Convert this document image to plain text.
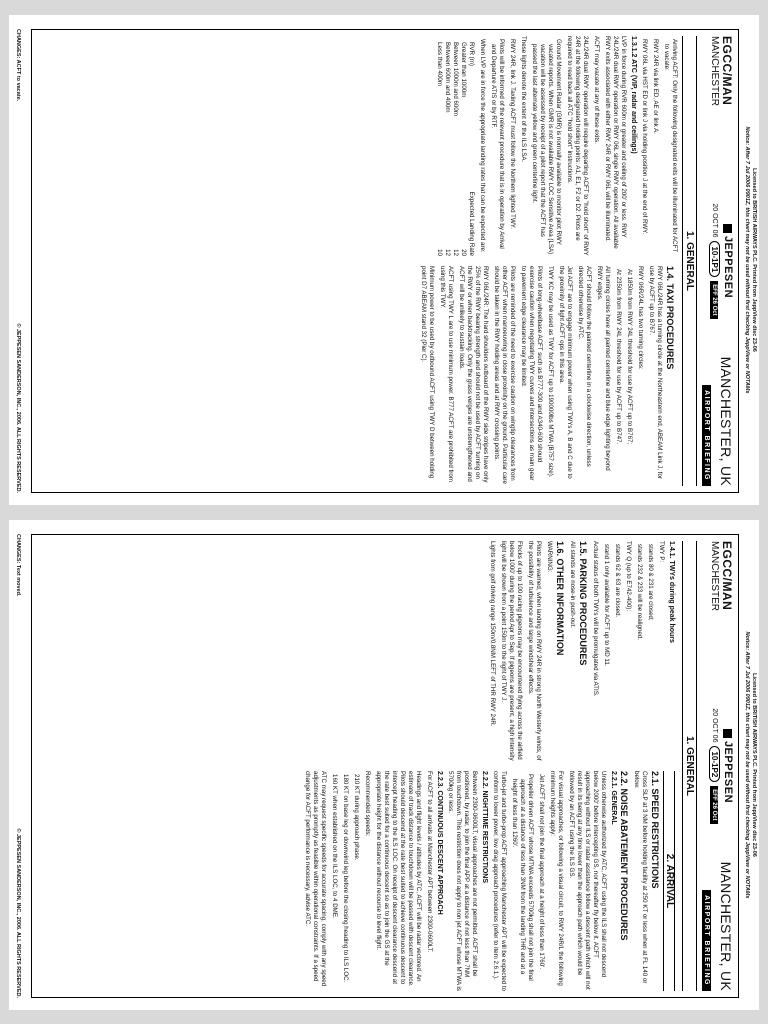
Licensed to BRITISH AIRWAYS PLC. Printed from JeppView disc 23-06
Notice: After 7 Jul 2006 0901Z, this chart may not be used without first checking JeppView or NOTAMs
EGCC/MAN
MANCHESTER
JEPPESEN
20 OCT 06
10-1P1
EFF 26 Oct
MANCHESTER, UK
AIRPORT BRIEFING
1. GENERAL

Arriving ACFT: Only the following designated exits will be illuminated for ACFT to vacate:

RWY 24R via link ED, AE or link A.

RWY 06L via HST ED or link J via holding position J at the end of RWY.

1.3.1.2 ATC (VIP, radar and ceilings)

LVP in force during RVR 600m or greater and ceiling of 200' or less. RWY 24L/24R dual RWY operation or RWY 06L single RWY operation. All available RWY exits associated with either RWY 24R or RWY 06L will be illuminated.

ACFT may vacate at any of these exits.

24L/24R dual RWY operation will require departing ACFT to "hold short" of RWY 24R at the following designated holding points: A1, E1, F2 or D2. Pilots are required to read back all ATC "hold short" instructions.

Ground Movement Radar (GMR) is normally available to monitor pilot RWY vacated reports. When GMR is not available RWY LOC Sensitive Area (LSA) vacation will be assessed by receipt of a pilot report that the ACFT has passed the last alternate yellow and green centerline light.

These lights denote the extent of the ILS LSA.

RWY 24R, link J. Taxiing ACFT must follow the Northern lighted TWY.

Pilots will be informed of the relevant procedure that is in operation by Arrival and Departure ATIS or by RTF.

When LVP are in force the appropriate landing rates that can be expected are:

RVR (m)
Expected Landing Rate
Greater than 1000m
20
Between 1000m and 600m
12
Between 600m and 400m
12
Less than 400m
10
1.4. TAXI PROCEDURES

RWY 06L/24R has a turning circle at the Northeastern end, ABEAM Link J, for use by ACFT up to B767.

RWY 06R/24L has two turning circles:

At 1850m from RWY 24L threshold for use by ACFT up to B767;

At 2350m from RWY 24L threshold for use by ACFT up to B747.

All turning circles have all painted centerline and blue edge lighting beyond RWY edges.

ACFT should follow the painted centerline in a clockwise direction, unless directed otherwise by ATC.

Jet ACFT are to engage minimum power when using TWYs A, B and C due to the proximity of light ACFT ops in this area.

TWY KC may be used as TWY for ACFT up to 190000lbs MTWA (B757 size).

Pilots of long-wheelbase ACFT such as B777-300 and A340-600 should exercise caution when negotiating TWY curves and intersections as main gear to pavement edge clearance may be limited.

Pilots are reminded of the need to exercise caution on wingtip clearances from other ACFT when manoeuvring in close proximity on the ground. Particular care should be taken in the RWY holding areas and at RWY crossing points.

RWY 06L/24R: The hard shoulders outboard of the RWY side stripes have only 25% of the RWY bearing strength and should not be used by ACFT turning on the RWY or when backtracking. Only the grass verges are unstrengthened and ACFT will be unlikely to sustain loads.

ACFT using TWY L are to use minimum power. B777 ACFT are prohibited from using this TWY.

Minimum power to be used by outbound ACFT using TWY D between holding point D7 ABEAM stand 32 (Pier C).

CHANGES: ACFT to vacate.
© JEPPESEN SANDERSON, INC., 2006. ALL RIGHTS RESERVED.
Licensed to BRITISH AIRWAYS PLC. Printed from JeppView disc 23-06
Notice: After 7 Jul 2006 0901Z, this chart may not be used without first checking JeppView or NOTAMs
EGCC/MAN
MANCHESTER
JEPPESEN
20 OCT 06
10-1P2
EFF 26 Oct
MANCHESTER, UK
AIRPORT BRIEFING
1. GENERAL
1.4.1. TWYs during peak hours

TWY P:

stands 80 & 231 are closed;

stands 232 & 233 will be realigned.

TWY Q (up to E742-400):

stands 62 & 63 are closed.

stand 1 only available for ACFT up to MD 11.

Actual status of both TWYs will be promulgated via ATIS.

1.5. PARKING PROCEDURES

All stands are nose-in push-out.

1.6. OTHER INFORMATION

WARNING:

Pilots are warned, when landing on RWY 24R in strong North Westerly winds, of the possibility of turbulence and large windshear effects.

Flocks of up to 100 racing pigeons may be encountered flying across the airfield below 1000' during the period Apr to Sep. If pigeons are present, a high intensity light will be shown from a point 150m to the right of TWY J.

Lights from golf driving range 150m/0.8NM LEFT of THR RWY 24R.

2. ARRIVAL
2.1. SPEED RESTRICTIONS

Cross SLP at 3 NM before holding facility at 250 KT or less when at FL 140 or below.

2.2. NOISE ABATEMENT PROCEDURES
2.2.1. GENERAL

Unless otherwise authorized by ATC, ACFT using the ILS shall not descend below 2000' before intercepting GS, nor thereafter fly below it. ACFT approaching without ILS or radar assistance follow a descent path which will not result in its being at any time lower than the approach path which would be followed by an ACFT using the ILS GS.

For visual approaches, or following a visual circuit, to RWY 24R/L the following minimum heights apply:

Jet ACFT shall not join the final approach at a height of less than 1760'.

Propeller driven ACFT whose MTWA exceeds 5700kg shall not join the final approach at a distance of less than 3NM from the landing THR and at a height of less than 1260'.

Turbo-jet and turbo-prop ACFT approaching Manchester APT will be expected to conform to lower power, low drag approach procedures (refer to item 2.6.1.).

2.2.2. NIGHTTIME RESTRICTIONS

Between 2300-0600LT, visual approaches are not permitted. ACFT shall be positioned, by radar, to join the final APP at a distance of not less than 7NM from touchdown. This restriction does not apply to non jet ACFT whose MTWA is 5700kg or less.

2.2.3. CONTINUOUS DESCENT APPROACH

For ACFT to all arrivals at Manchester APT between 2300-0600LT.

Headings and flight levels / altitudes by ATC, ACFT will be radar vectored. An estimate of track distance to touchdown will be passed with descent clearance. Pilots should descend at the rate best suited to achieve continuous descent to intercept heading to the ILS LOC. On receipt of descent clearance descend at the rate best suited for a continuous descent so as to join the GS at the appropriate height for the distance without recourse to level flight.

Recommended speeds:

210 KT during approach phase.

180 KT on base leg or downwind leg before the closing heading to ILS LOC.

160 KT when established on the ILS LOC, to 4 DME.

ATC may request specific speeds for accurate spacing, comply with any speed adjustments as promptly as feasible within operational constraints. If a speed change for ACFT performance is necessary, advise ATC.

CHANGES: Text moved.
© JEPPESEN SANDERSON, INC., 2006. ALL RIGHTS RESERVED.
